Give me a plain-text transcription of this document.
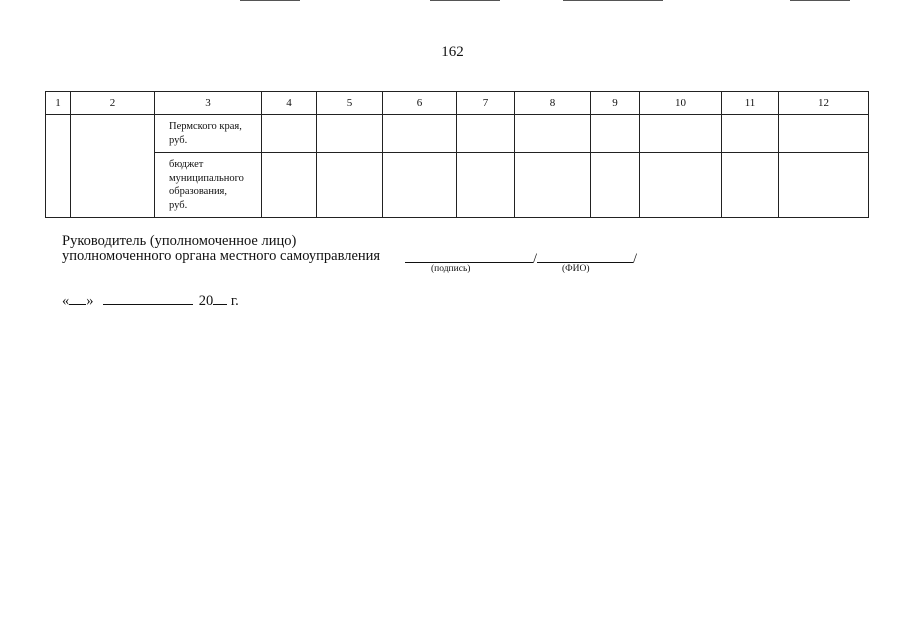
162
1	2	3	4	5	6	7	8	9	10	11	12

		Пермского края,
руб.									

		бюджет
муниципального
образования,
руб.									

Руководитель (уполномоченное лицо)
уполномоченного органа местного самоуправления	/	/
(подпись)	(ФИО)
« »	20 г.
